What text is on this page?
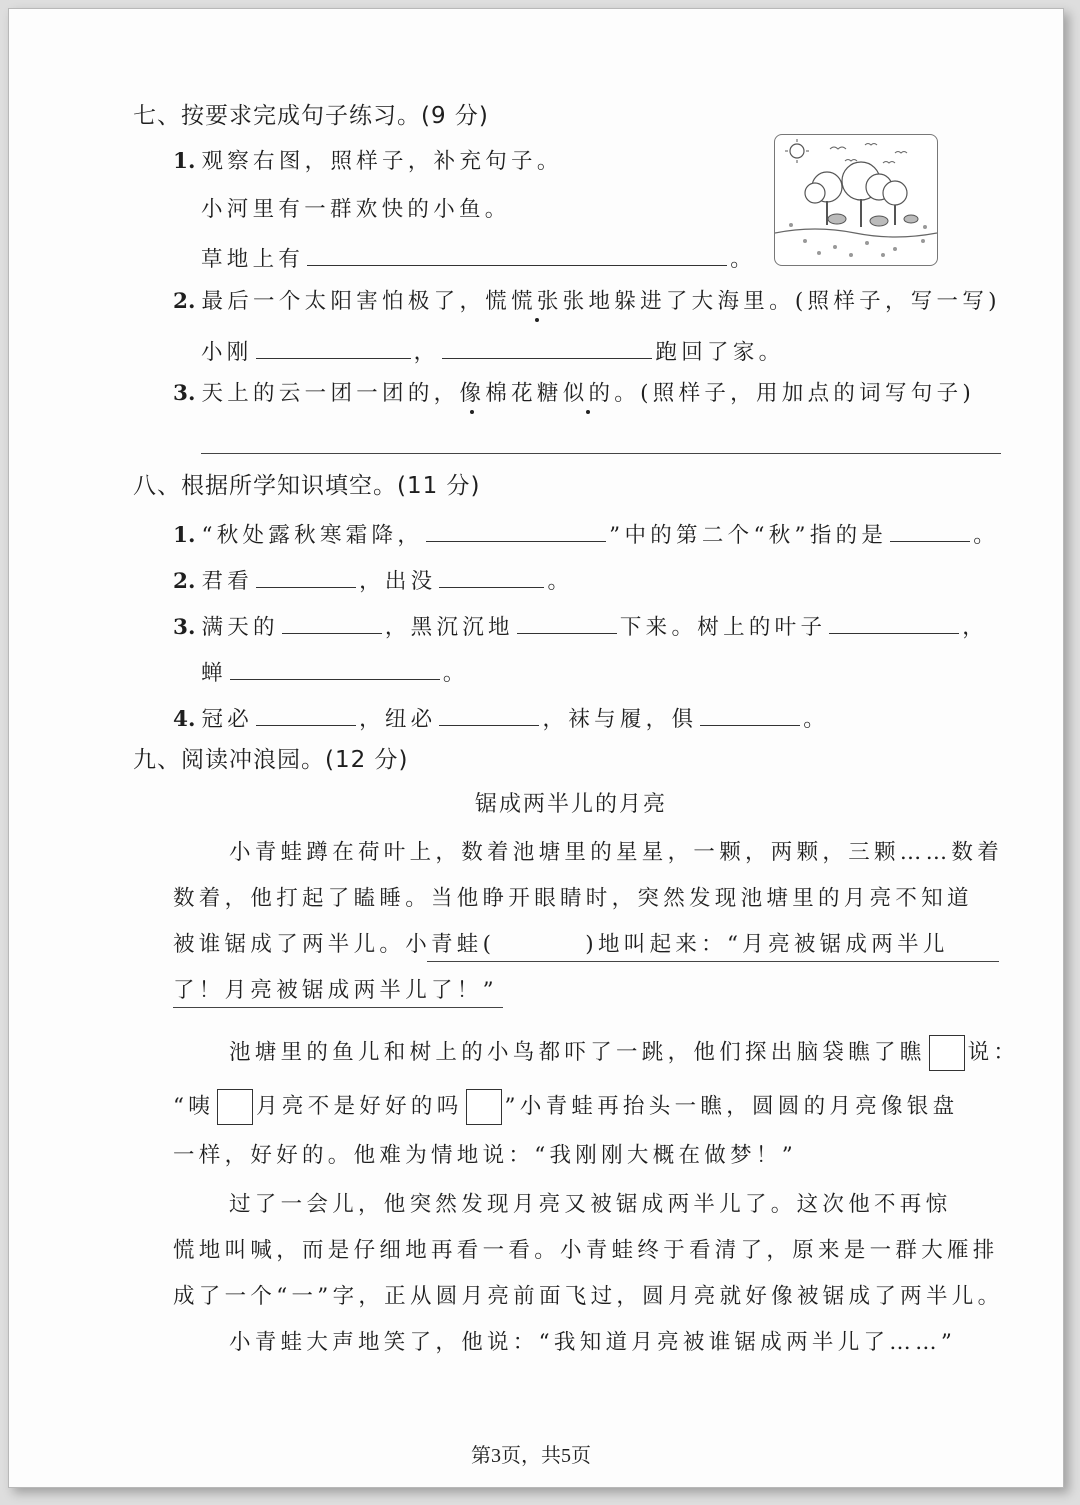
七、按要求完成句子练习。(9 分)
1. 观察右图，照样子，补充句子。
小河里有一群欢快的小鱼。
草地上有	。
2. 最后一个太阳害怕极了，慌慌张张地躲进了大海里。(照样子，写一写)
小刚	，	跑回了家。
3. 天上的云一团一团的，像棉花糖似的。(照样子，用加点的词写句子)
八、根据所学知识填空。(11 分)
1. “秋处露秋寒霜降，	”中的第二个“秋”指的是	。
2. 君看	，出没	。
3. 满天的	，黑沉沉地	下来。树上的叶子	，
蝉	。
4. 冠必	，纽必	，袜与履，俱	。
九、阅读冲浪园。(12 分)
锯成两半儿的月亮
小青蛙蹲在荷叶上，数着池塘里的星星，一颗，两颗，三颗……数着
数着，他打起了瞌睡。当他睁开眼睛时，突然发现池塘里的月亮不知道
被谁锯成了两半儿。小青蛙(	)地叫起来：“月亮被锯成两半儿
了！月亮被锯成两半儿了！”
池塘里的鱼儿和树上的小鸟都吓了一跳，他们探出脑袋瞧了瞧 说：
“咦 月亮不是好好的吗 ”小青蛙再抬头一瞧，圆圆的月亮像银盘
一样，好好的。他难为情地说：“我刚刚大概在做梦！”
过了一会儿，他突然发现月亮又被锯成两半儿了。这次他不再惊
慌地叫喊，而是仔细地再看一看。小青蛙终于看清了，原来是一群大雁排
成了一个“一”字，正从圆月亮前面飞过，圆月亮就好像被锯成了两半儿。
小青蛙大声地笑了，他说：“我知道月亮被谁锯成两半儿了……”
第3页，共5页
